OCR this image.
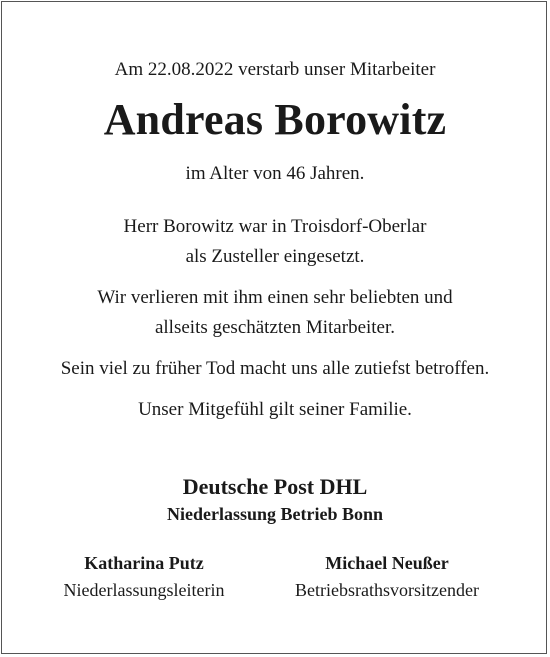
Am 22.08.2022 verstarb unser Mitarbeiter
Andreas Borowitz
im Alter von 46 Jahren.
Herr Borowitz war in Troisdorf-Oberlar
als Zusteller eingesetzt.
Wir verlieren mit ihm einen sehr beliebten und
allseits geschätzten Mitarbeiter.
Sein viel zu früher Tod macht uns alle zutiefst betroffen.
Unser Mitgefühl gilt seiner Familie.
Deutsche Post DHL
Niederlassung Betrieb Bonn
Katharina Putz
Niederlassungsleiterin
Michael Neußer
Betriebsrathsvorsitzender
